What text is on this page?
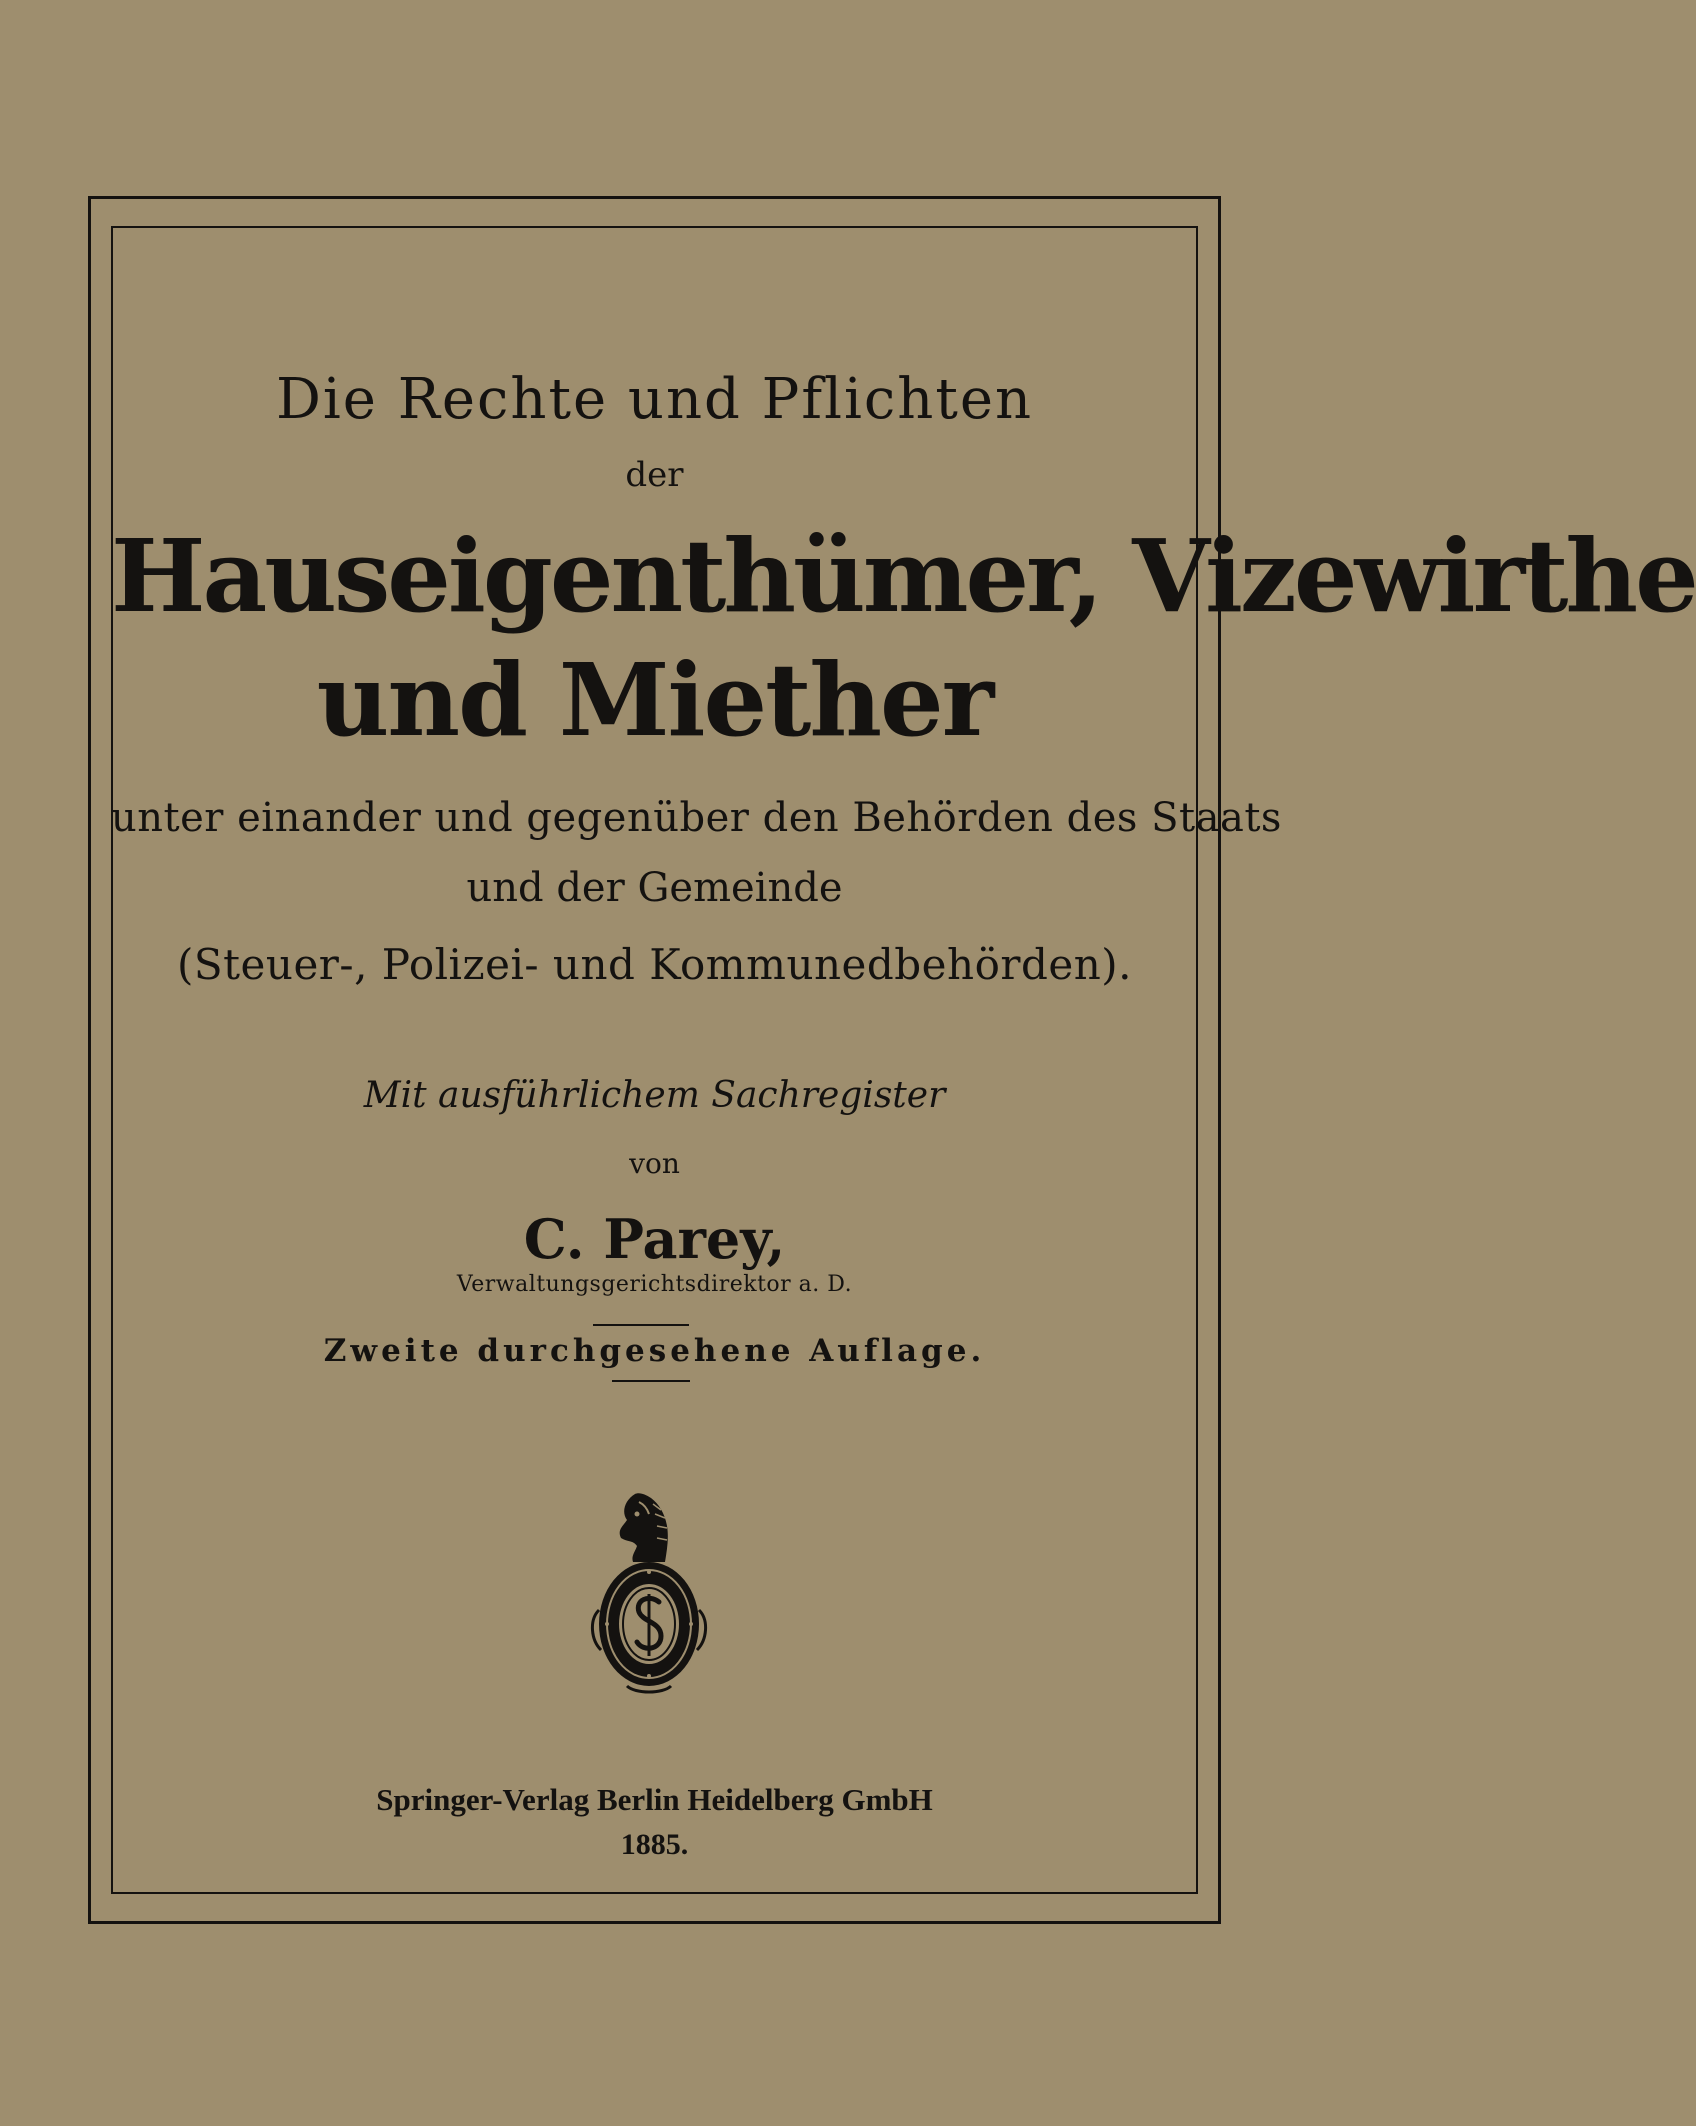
Die Rechte und Pflichten
der
Hauseigenthümer, Vizewirthe
und Miether
unter einander und gegenüber den Behörden des Staats
und der Gemeinde
(Steuer-, Polizei- und Kommunedbehörden).
Mit ausführlichem Sachregister
von
C. Parey,
Verwaltungsgerichtsdirektor a. D.
Zweite durchgesehene Auflage.
Springer-Verlag Berlin Heidelberg GmbH
1885.
